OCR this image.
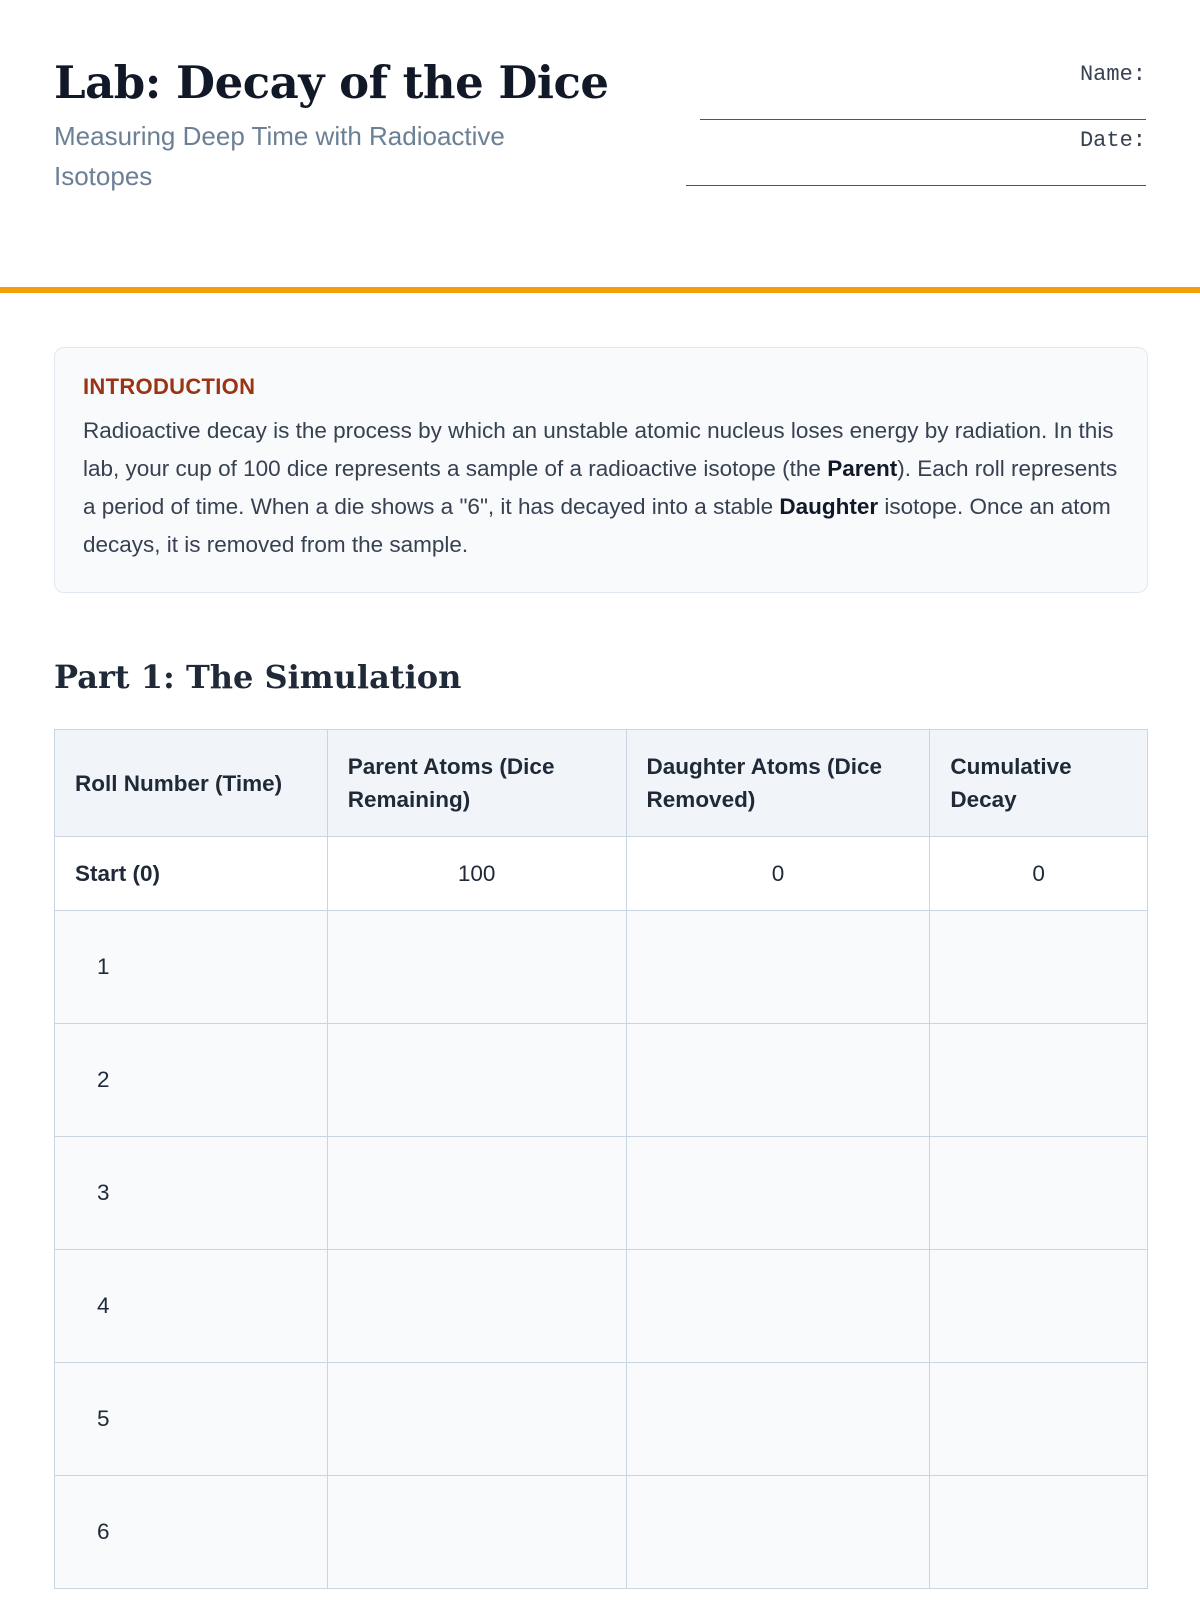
Lab: Decay of the Dice
Measuring Deep Time with Radioactive Isotopes
Name:
Date:
INTRODUCTION

Radioactive decay is the process by which an unstable atomic nucleus loses energy by radiation. In this lab, your cup of 100 dice represents a sample of a radioactive isotope (the Parent). Each roll represents a period of time. When a die shows a "6", it has decayed into a stable Daughter isotope. Once an atom decays, it is removed from the sample.

Part 1: The Simulation
Roll Number (Time)	Parent Atoms (Dice Remaining)	Daughter Atoms (Dice Removed)	Cumulative Decay
Start (0)	100	0	0
1			
2			
3			
4			
5			
6			
